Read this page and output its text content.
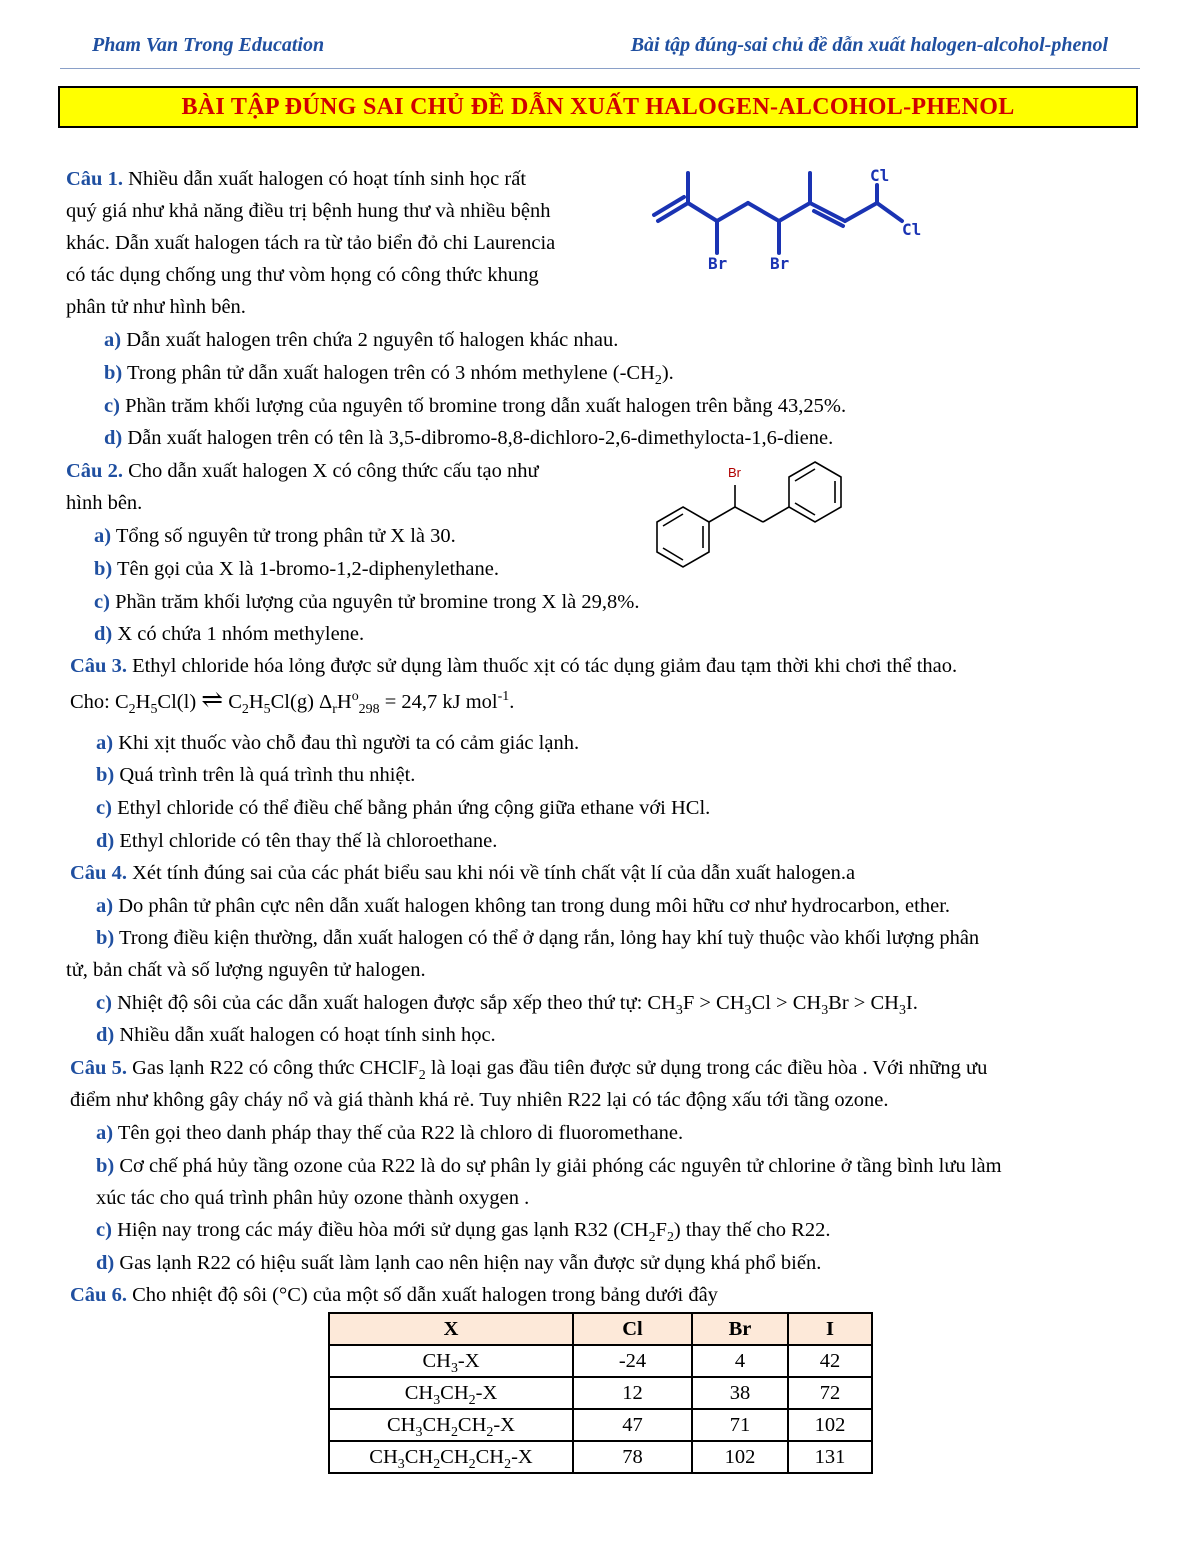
Pham Van Trong Education	Bài tập đúng-sai chủ đề dẫn xuất halogen-alcohol-phenol
BÀI TẬP ĐÚNG SAI CHỦ ĐỀ DẪN XUẤT HALOGEN-ALCOHOL-PHENOL
Câu 1. Nhiều dẫn xuất halogen có hoạt tính sinh học rất
quý giá như khả năng điều trị bệnh hung thư và nhiều bệnh
khác. Dẫn xuất halogen tách ra từ tảo biển đỏ chi Laurencia
có tác dụng chống ung thư vòm họng có công thức khung
phân tử như hình bên.
a) Dẫn xuất halogen trên chứa 2 nguyên tố halogen khác nhau.
b) Trong phân tử dẫn xuất halogen trên có 3 nhóm methylene $(-CH_2)$.
c) Phần trăm khối lượng của nguyên tố bromine trong dẫn xuất halogen trên bằng 43,25%.
d) Dẫn xuất halogen trên có tên là 3,5-dibromo-8,8-dichloro-2,6-dimethylocta-1,6-diene.
Cl
Cl
Br	Br
Câu 2. Cho dẫn xuất halogen X có công thức cấu tạo như
hình bên.
a) Tổng số nguyên tử trong phân tử X là 30.
b) Tên gọi của X là 1-bromo-1,2-diphenylethane.
c) Phần trăm khối lượng của nguyên tử bromine trong X là 29,8%.
d) X có chứa 1 nhóm methylene.
Br
Câu 3. Ethyl chloride hóa lỏng được sử dụng làm thuốc xịt có tác dụng giảm đau tạm thời khi chơi thể thao.
Cho: $C_2H_5Cl(l)$ ⇌ $C_2H_5Cl(g) \Delta_rH^o_{298} = 24,7$ kJ mol$^{-1}$.
a) Khi xịt thuốc vào chỗ đau thì người ta có cảm giác lạnh.
b) Quá trình trên là quá trình thu nhiệt.
c) Ethyl chloride có thể điều chế bằng phản ứng cộng giữa ethane với HCl.
d) Ethyl chloride có tên thay thế là chloroethane.
Câu 4. Xét tính đúng sai của các phát biểu sau khi nói về tính chất vật lí của dẫn xuất halogen.a
a) Do phân tử phân cực nên dẫn xuất halogen không tan trong dung môi hữu cơ như hydrocarbon, ether.
b) Trong điều kiện thường, dẫn xuất halogen có thể ở dạng rắn, lỏng hay khí tuỳ thuộc vào khối lượng phân
tử, bản chất và số lượng nguyên tử halogen.
c) Nhiệt độ sôi của các dẫn xuất halogen được sắp xếp theo thứ tự: $CH_3F > CH_3Cl > CH_3Br > CH_3I$.
d) Nhiều dẫn xuất halogen có hoạt tính sinh học.
Câu 5. Gas lạnh R22 có công thức CHClF$_2$ là loại gas đầu tiên được sử dụng trong các điều hòa . Với những ưu
điểm như không gây cháy nổ và giá thành khá rẻ. Tuy nhiên R22 lại có tác động xấu tới tầng ozone.
a) Tên gọi theo danh pháp thay thế của R22 là chloro di fluoromethane.
b) Cơ chế phá hủy tầng ozone của R22 là do sự phân ly giải phóng các nguyên tử chlorine ở tầng bình lưu làm
xúc tác cho quá trình phân hủy ozone thành oxygen .
c) Hiện nay trong các máy điều hòa mới sử dụng gas lạnh R32 $(CH_2F_2)$ thay thế cho R22.
d) Gas lạnh R22 có hiệu suất làm lạnh cao nên hiện nay vẫn được sử dụng khá phổ biến.
Câu 6. Cho nhiệt độ sôi (°C) của một số dẫn xuất halogen trong bảng dưới đây
X	Cl	Br	I
$CH_3-X$	-24	4	42
$CH_3CH_2-X$	12	38	72
$CH_3CH_2CH_2-X$	47	71	102
$CH_3CH_2CH_2CH_2-X$	78	102	131
